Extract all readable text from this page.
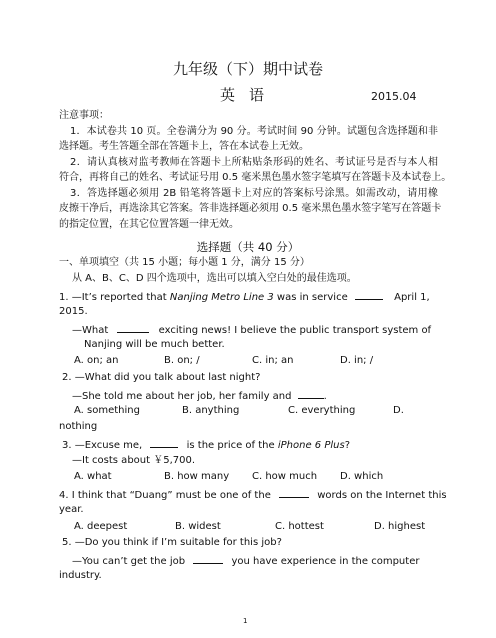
九年级（下）期中试卷
英语	2015.04
注意事项：
1．本试卷共 10 页。全卷满分为 90 分。考试时间 90 分钟。试题包含选择题和非
选择题。考生答题全部在答题卡上，答在本试卷上无效。
2．请认真核对监考教师在答题卡上所粘贴条形码的姓名、考试证号是否与本人相
符合，再将自己的姓名、考试证号用 0.5 毫米黑色墨水签字笔填写在答题卡及本试卷上。
3．答选择题必须用 2B 铅笔将答题卡上对应的答案标号涂黑。如需改动，请用橡
皮擦干净后，再选涂其它答案。答非选择题必须用 0.5 毫米黑色墨水签字笔写在答题卡
的指定位置，在其它位置答题一律无效。
选择题（共 40 分）
一、单项填空（共 15 小题；每小题 1 分，满分 15 分）
从 A、B、C、D 四个选项中，选出可以填入空白处的最佳选项。
1. —It’s reported that Nanjing Metro Line 3 was in service	April 1,
2015.
—What	exciting news! I believe the public transport system of
Nanjing will be much better.
A. on; an	B. on; /	C. in; an	D. in; /
2. —What did you talk about last night?
—She told me about her job, her family and	.
A. something	B. anything	C. everything	D.
nothing
3. —Excuse me,	is the price of the iPhone 6 Plus?
—It costs about ￥5,700.
A. what	B. how many C. how much D. which
4. I think that “Duang” must be one of the	words on the Internet this
year.
A. deepest	B. widest	C. hottest	D. highest
5. —Do you think if I’m suitable for this job?
—You can’t get the job	you have experience in the computer
industry.
1
